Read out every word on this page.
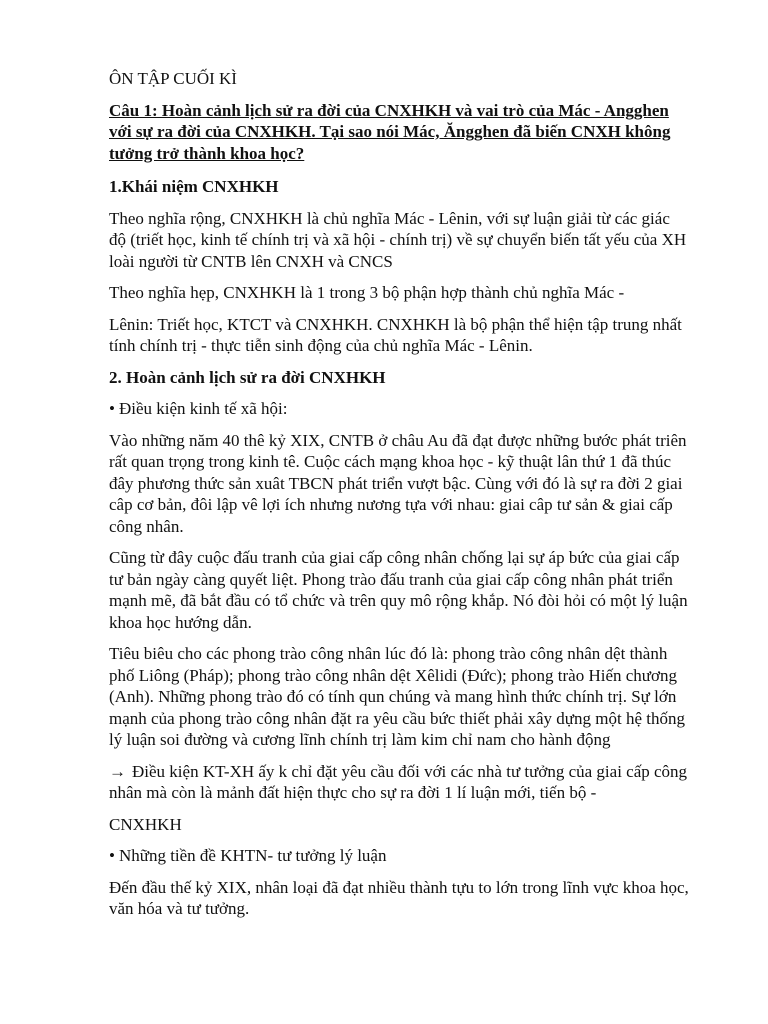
ÔN TẬP CUỐI KÌ

Câu 1: Hoàn cảnh lịch sử ra đời của CNXHKH và vai trò của Mác - Angghen với sự ra đời của CNXHKH. Tại sao nói Mác, Ăngghen đã biến CNXH không tưởng trở thành khoa học?

1.Khái niệm CNXHKH

Theo nghĩa rộng, CNXHKH là chủ nghĩa Mác - Lênin, với sự luận giải từ các giác độ (triết học, kinh tế chính trị và xã hội - chính trị) về sự chuyển biến tất yếu của XH loài người từ CNTB lên CNXH và CNCS

Theo nghĩa hẹp, CNXHKH là 1 trong 3 bộ phận hợp thành chủ nghĩa Mác -

Lênin: Triết học, KTCT và CNXHKH. CNXHKH là bộ phận thể hiện tập trung nhất tính chính trị - thực tiễn sinh động của chủ nghĩa Mác - Lênin.

2. Hoàn cảnh lịch sử ra đời CNXHKH

• Điều kiện kinh tế xã hội:

Vào những năm 40 thê kỷ XIX, CNTB ở châu Au đã đạt được những bước phát triên rất quan trọng trong kinh tê. Cuộc cách mạng khoa học - kỹ thuật lân thứ 1 đã thúc đây phương thức sản xuât TBCN phát triển vượt bậc. Cùng với đó là sự ra đời 2 giai câp cơ bản, đôi lập vê lợi ích nhưng nương tựa với nhau: giai câp tư sản & giai cấp công nhân.

Cũng từ đây cuộc đấu tranh của giai cấp công nhân chống lại sự áp bức của giai cấp tư bản ngày càng quyết liệt. Phong trào đấu tranh của giai cấp công nhân phát triển mạnh mẽ, đã bắt đầu có tổ chức và trên quy mô rộng khắp. Nó đòi hỏi có một lý luận khoa học hướng dẫn.

Tiêu biêu cho các phong trào công nhân lúc đó là: phong trào công nhân dệt thành phố Liông (Pháp); phong trào công nhân dệt Xêlidi (Đức); phong trào Hiến chương (Anh). Những phong trào đó có tính qun chúng và mang hình thức chính trị. Sự lớn mạnh của phong trào công nhân đặt ra yêu cầu bức thiết phải xây dựng một hệ thống lý luận soi đường và cương lĩnh chính trị làm kim chỉ nam cho hành động

→ Điều kiện KT-XH ấy k chỉ đặt yêu cầu đối với các nhà tư tưởng của giai cấp công nhân mà còn là mảnh đất hiện thực cho sự ra đời 1 lí luận mới, tiến bộ -

CNXHKH

• Những tiền đề KHTN- tư tưởng lý luận

Đến đầu thế kỷ XIX, nhân loại đã đạt nhiều thành tựu to lớn trong lĩnh vực khoa học, văn hóa và tư tưởng.
